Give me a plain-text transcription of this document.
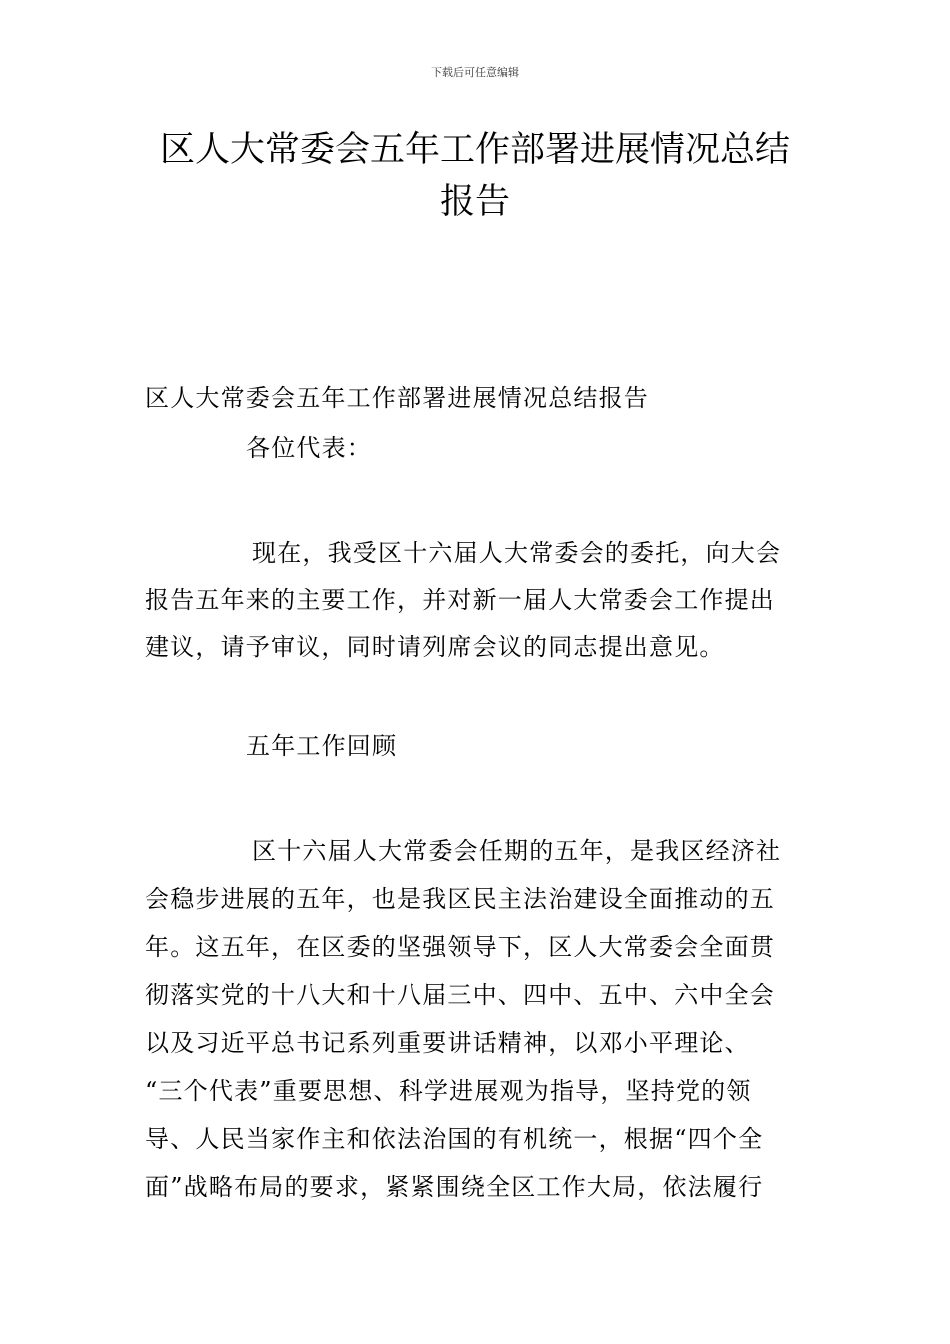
下载后可任意编辑
区人大常委会五年工作部署进展情况总结
报告
区人大常委会五年工作部署进展情况总结报告
各位代表：
现在，我受区十六届人大常委会的委托，向大会
报告五年来的主要工作，并对新一届人大常委会工作提出
建议，请予审议，同时请列席会议的同志提出意见。
五年工作回顾
区十六届人大常委会任期的五年，是我区经济社
会稳步进展的五年，也是我区民主法治建设全面推动的五
年。这五年，在区委的坚强领导下，区人大常委会全面贯
彻落实党的十八大和十八届三中、四中、五中、六中全会
以及习近平总书记系列重要讲话精神，以邓小平理论、
“三个代表”重要思想、科学进展观为指导，坚持党的领
导、人民当家作主和依法治国的有机统一，根据“四个全
面”战略布局的要求，紧紧围绕全区工作大局，依法履行
